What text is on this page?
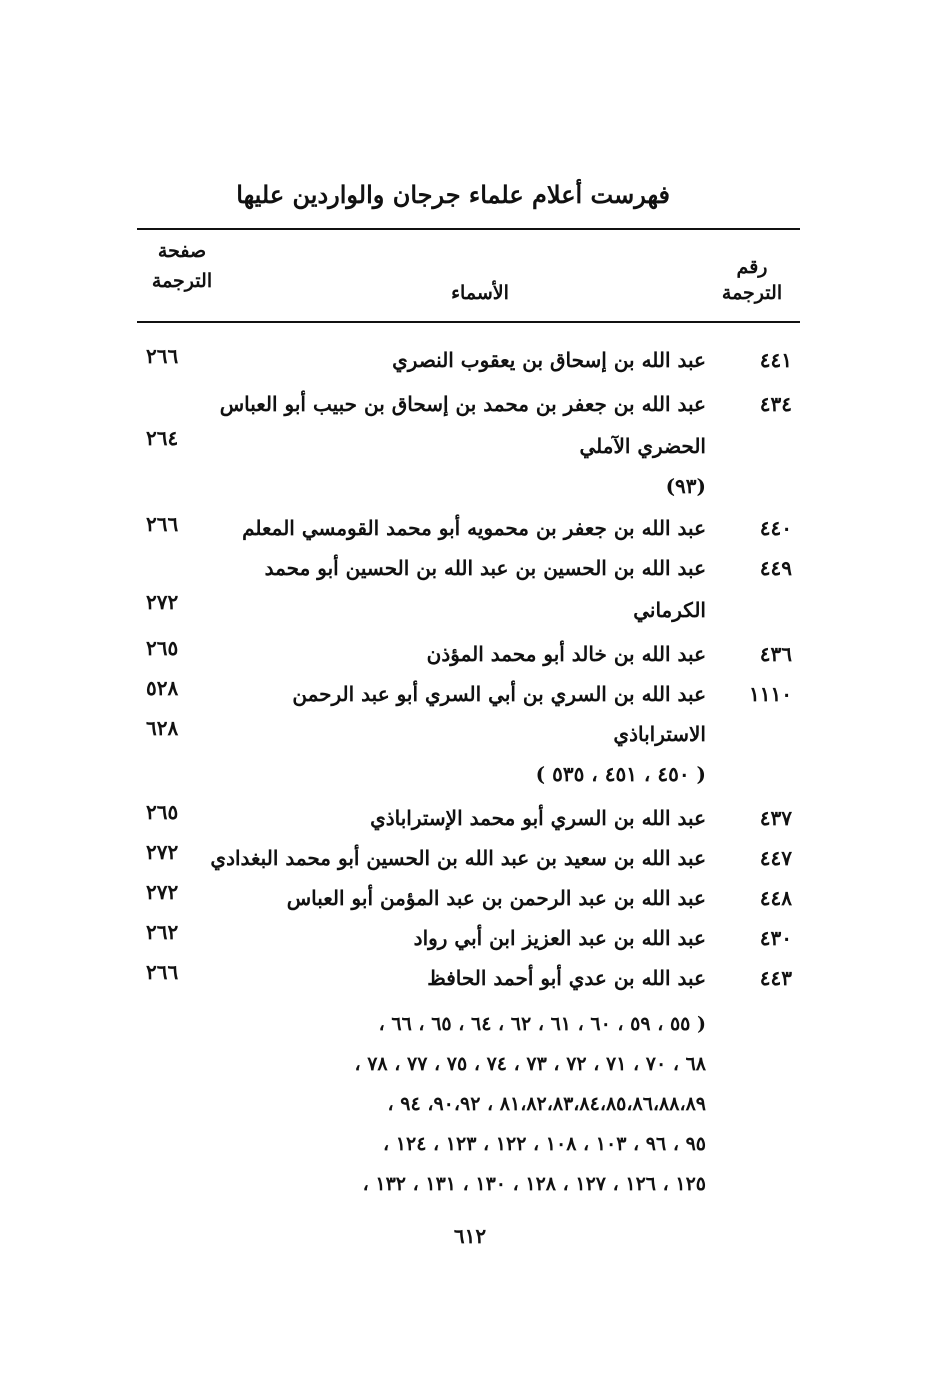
فهرست أعلام علماء جرجان والواردين عليها
رقم
الترجمة
الأسماء
صفحة
الترجمة
٤٤١
عبد الله بن إسحاق بن يعقوب النصري
٢٦٦
٤٣٤
عبد الله بن جعفر بن محمد بن إسحاق بن حبيب أبو العباس
الحضري الآملي
(٩٣)
٢٦٤
٤٤٠
عبد الله بن جعفر بن محمويه أبو محمد القومسي المعلم
٢٦٦
٤٤٩
عبد الله بن الحسين بن عبد الله بن الحسين أبو محمد
الكرماني
٢٧٢
٤٣٦
عبد الله بن خالد أبو محمد المؤذن
٢٦٥
١١١٠
عبد الله بن السري بن أبي السري أبو عبد الرحمن
الاستراباذي
( ٤٥٠ ، ٤٥١ ، ٥٣٥ )
٥٢٨
٦٢٨
٤٣٧
عبد الله بن السري أبو محمد الإستراباذي
٢٦٥
٤٤٧
عبد الله بن سعيد بن عبد الله بن الحسين أبو محمد البغدادي
٢٧٢
٤٤٨
عبد الله بن عبد الرحمن بن عبد المؤمن أبو العباس
٢٧٢
٤٣٠
عبد الله بن عبد العزيز ابن أبي رواد
٢٦٢
٤٤٣
عبد الله بن عدي أبو أحمد الحافظ
٢٦٦
( ٥٥ ، ٥٩ ، ٦٠ ، ٦١ ، ٦٢ ، ٦٤ ، ٦٥ ، ٦٦ ،
٦٨ ، ٧٠ ، ٧١ ، ٧٢ ، ٧٣ ، ٧٤ ، ٧٥ ، ٧٧ ، ٧٨ ،
٨١،٨٢،٨٣،٨٤،٨٥،٨٦،٨٨،٨٩ ، ٩٠،٩٢، ٩٤ ،
٩٥ ، ٩٦ ، ١٠٣ ، ١٠٨ ، ١٢٢ ، ١٢٣ ، ١٢٤ ،
١٢٥ ، ١٢٦ ، ١٢٧ ، ١٢٨ ، ١٣٠ ، ١٣١ ، ١٣٢ ،
٦١٢
